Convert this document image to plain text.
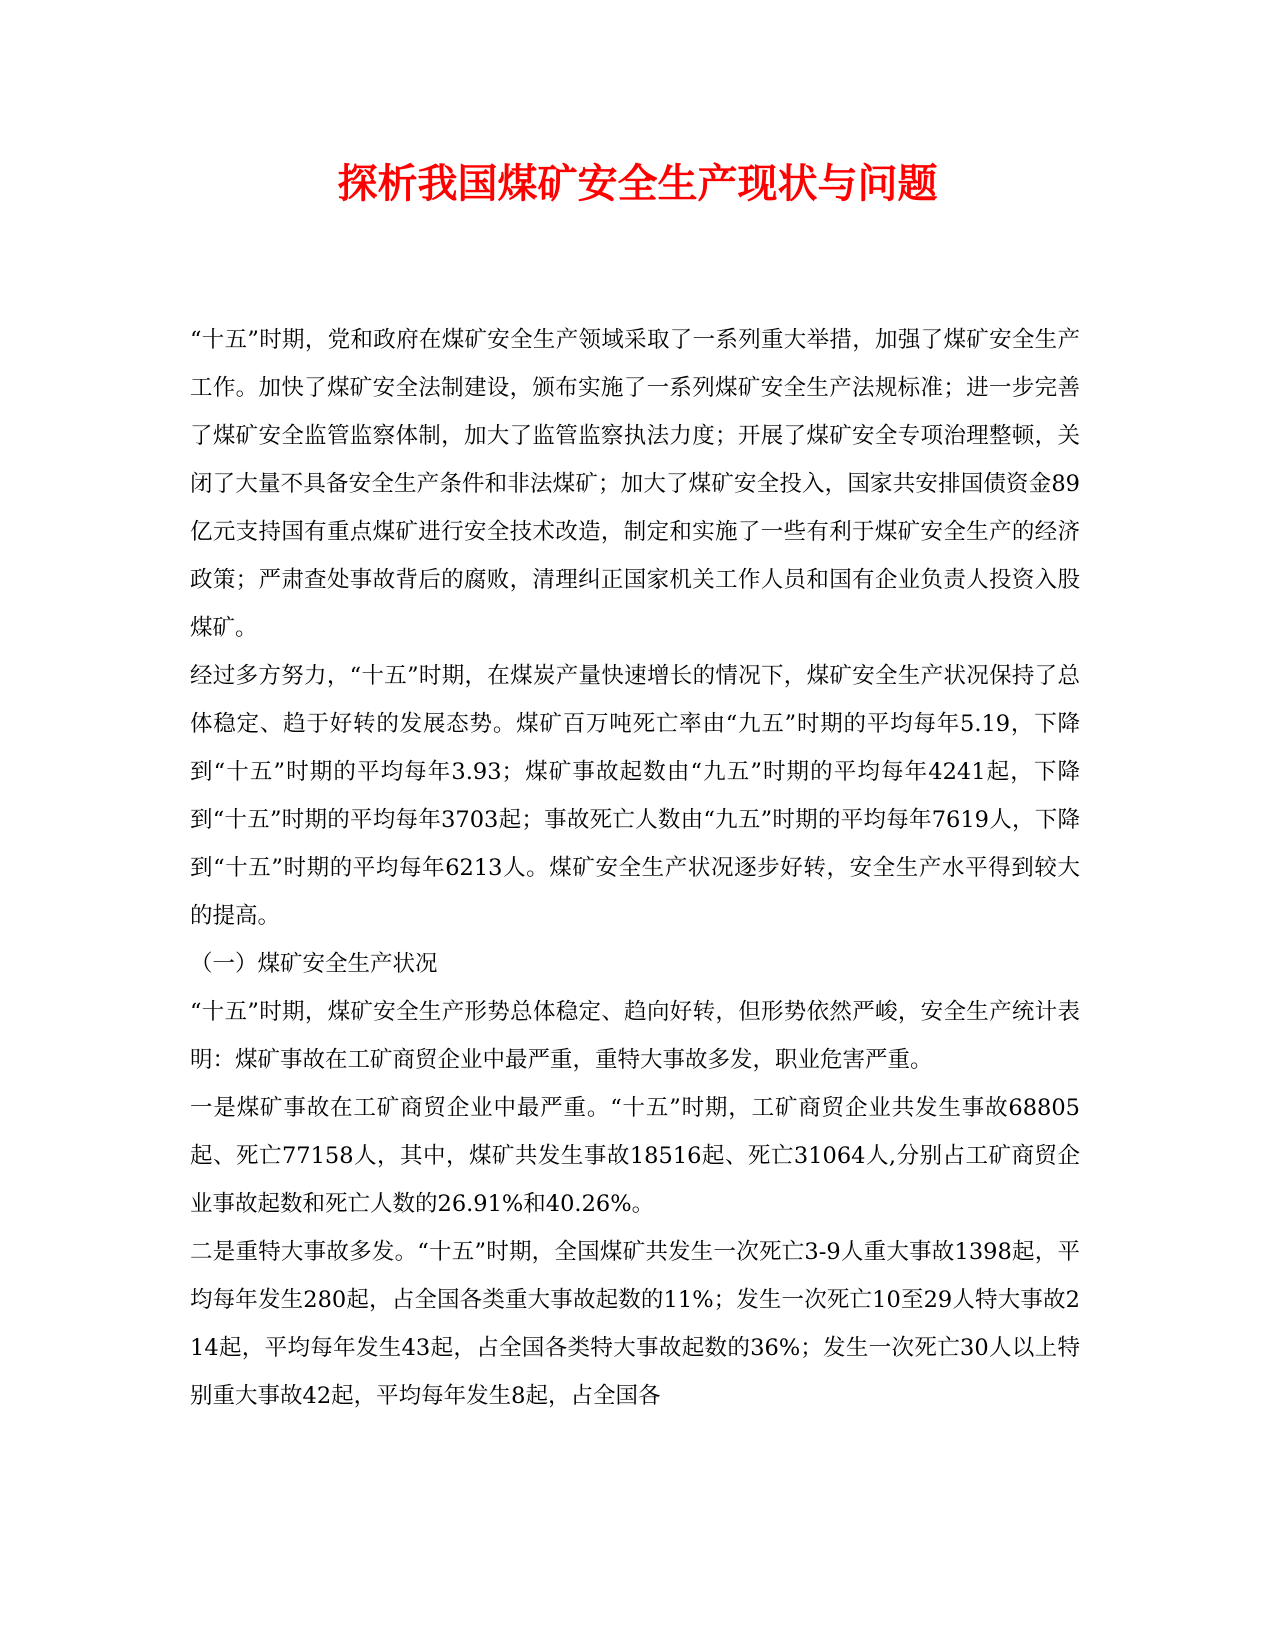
探析我国煤矿安全生产现状与问题

“十五”时期，党和政府在煤矿安全生产领域采取了一系列重大举措，加强了煤矿安全生产工作。加快了煤矿安全法制建设，颁布实施了一系列煤矿安全生产法规标准；进一步完善了煤矿安全监管监察体制，加大了监管监察执法力度；开展了煤矿安全专项治理整顿，关闭了大量不具备安全生产条件和非法煤矿；加大了煤矿安全投入，国家共安排国债资金89亿元支持国有重点煤矿进行安全技术改造，制定和实施了一些有利于煤矿安全生产的经济政策；严肃查处事故背后的腐败，清理纠正国家机关工作人员和国有企业负责人投资入股煤矿。

经过多方努力，“十五”时期，在煤炭产量快速增长的情况下，煤矿安全生产状况保持了总体稳定、趋于好转的发展态势。煤矿百万吨死亡率由“九五”时期的平均每年5.19，下降到“十五”时期的平均每年3.93；煤矿事故起数由“九五”时期的平均每年4241起，下降到“十五”时期的平均每年3703起；事故死亡人数由“九五”时期的平均每年7619人，下降到“十五”时期的平均每年6213人。煤矿安全生产状况逐步好转，安全生产水平得到较大的提高。

（一）煤矿安全生产状况

“十五”时期，煤矿安全生产形势总体稳定、趋向好转，但形势依然严峻，安全生产统计表明：煤矿事故在工矿商贸企业中最严重，重特大事故多发，职业危害严重。

一是煤矿事故在工矿商贸企业中最严重。“十五”时期，工矿商贸企业共发生事故68805起、死亡77158人，其中，煤矿共发生事故18516起、死亡31064人,分别占工矿商贸企业事故起数和死亡人数的26.91%和40.26%。

二是重特大事故多发。“十五”时期，全国煤矿共发生一次死亡3-9人重大事故1398起，平均每年发生280起，占全国各类重大事故起数的11%；发生一次死亡10至29人特大事故214起，平均每年发生43起，占全国各类特大事故起数的36%；发生一次死亡30人以上特别重大事故42起，平均每年发生8起，占全国各
